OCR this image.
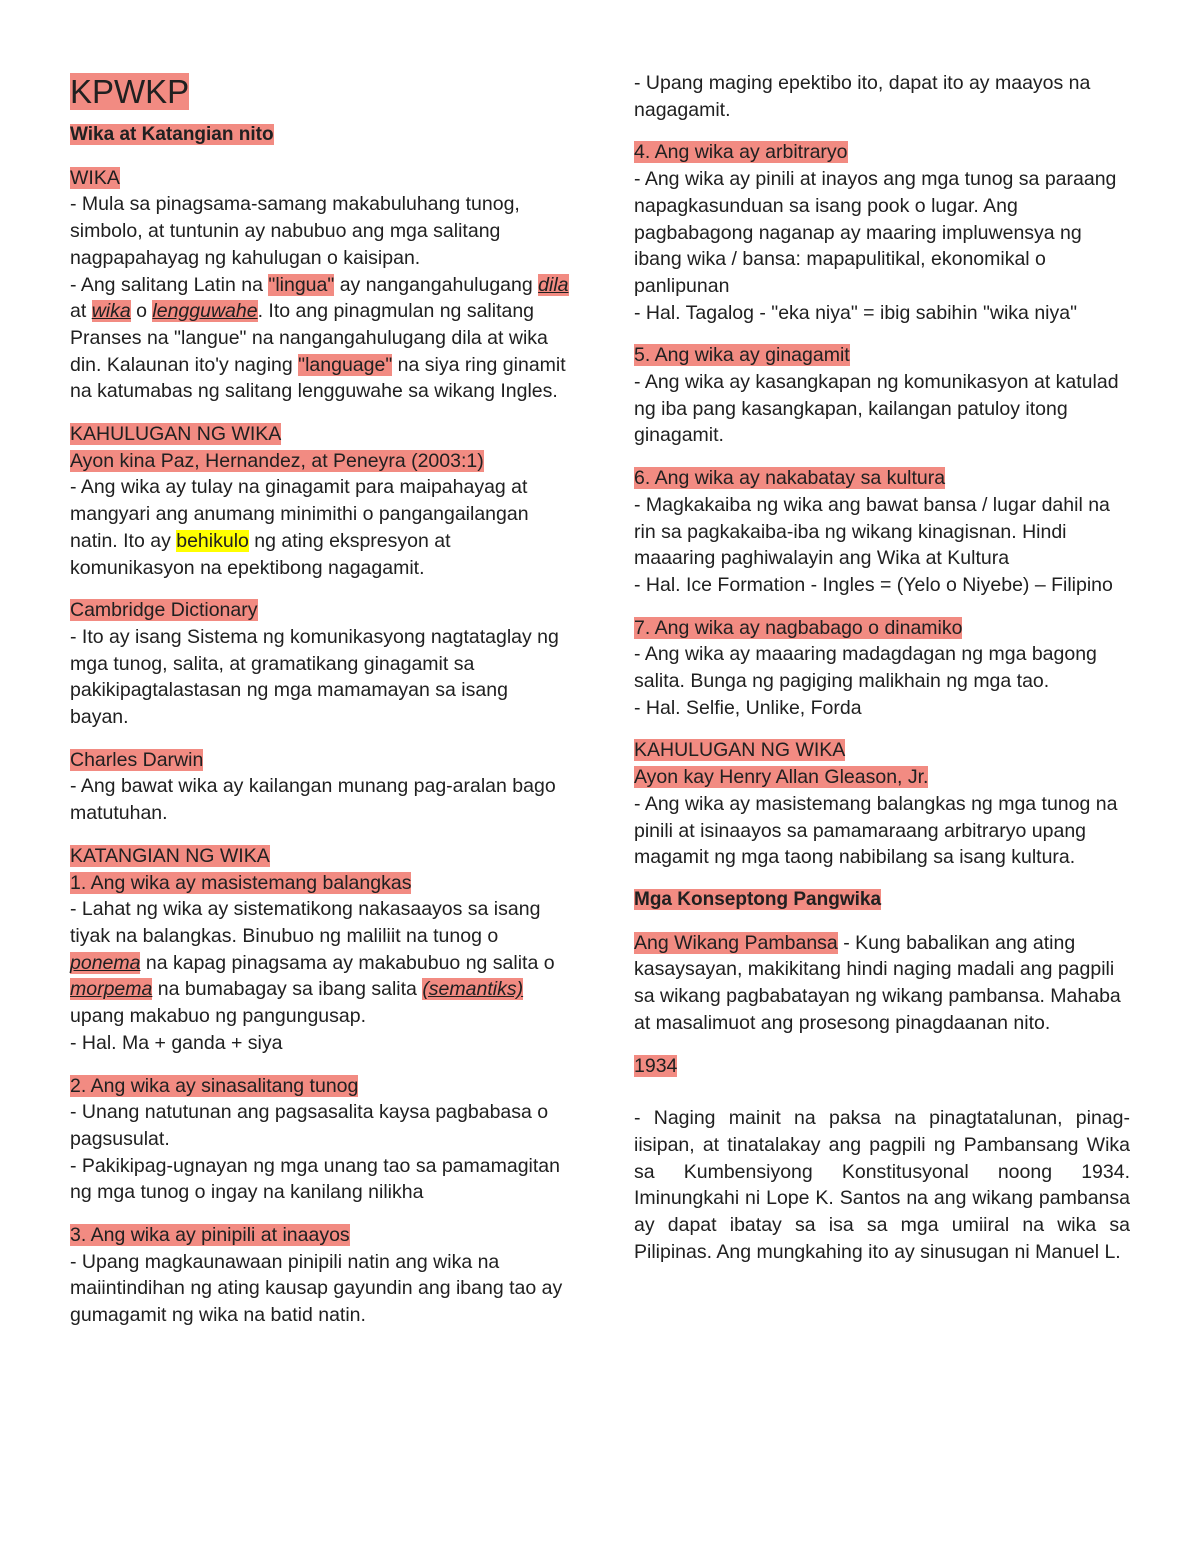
KPWKP

Wika at Katangian nito

WIKA

- Mula sa pinagsama-samang makabuluhang tunog, simbolo, at tuntunin ay nabubuo ang mga salitang nagpapahayag ng kahulugan o kaisipan.

- Ang salitang Latin na "lingua" ay nangangahulugang dila at wika o lengguwahe. Ito ang pinagmulan ng salitang Pranses na "langue" na nangangahulugang dila at wika din. Kalaunan ito'y naging "language" na siya ring ginamit na katumabas ng salitang lengguwahe sa wikang Ingles.

KAHULUGAN NG WIKA

Ayon kina Paz, Hernandez, at Peneyra (2003:1)

- Ang wika ay tulay na ginagamit para maipahayag at mangyari ang anumang minimithi o pangangailangan natin. Ito ay behikulo ng ating ekspresyon at komunikasyon na epektibong nagagamit.

Cambridge Dictionary

- Ito ay isang Sistema ng komunikasyong nagtataglay ng mga tunog, salita, at gramatikang ginagamit sa pakikipagtalastasan ng mga mamamayan sa isang bayan.

Charles Darwin

- Ang bawat wika ay kailangan munang pag-aralan bago matutuhan.

KATANGIAN NG WIKA

1. Ang wika ay masistemang balangkas

- Lahat ng wika ay sistematikong nakasaayos sa isang tiyak na balangkas. Binubuo ng maliliit na tunog o ponema na kapag pinagsama ay makabubuo ng salita o morpema na bumabagay sa ibang salita (semantiks) upang makabuo ng pangungusap.

- Hal. Ma + ganda + siya

2. Ang wika ay sinasalitang tunog

- Unang natutunan ang pagsasalita kaysa pagbabasa o pagsusulat.

- Pakikipag-ugnayan ng mga unang tao sa pamamagitan ng mga tunog o ingay na kanilang nilikha

3. Ang wika ay pinipili at inaayos

- Upang magkaunawaan pinipili natin ang wika na maiintindihan ng ating kausap gayundin ang ibang tao ay gumagamit ng wika na batid natin.

- Upang maging epektibo ito, dapat ito ay maayos na nagagamit.

4. Ang wika ay arbitraryo

- Ang wika ay pinili at inayos ang mga tunog sa paraang napagkasunduan sa isang pook o lugar. Ang pagbabagong naganap ay maaring impluwensya ng ibang wika / bansa: mapapulitikal, ekonomikal o panlipunan

- Hal. Tagalog - "eka niya" = ibig sabihin "wika niya"

5. Ang wika ay ginagamit

- Ang wika ay kasangkapan ng komunikasyon at katulad ng iba pang kasangkapan, kailangan patuloy itong ginagamit.

6. Ang wika ay nakabatay sa kultura

- Magkakaiba ng wika ang bawat bansa / lugar dahil na rin sa pagkakaiba-iba ng wikang kinagisnan. Hindi maaaring paghiwalayin ang Wika at Kultura

- Hal. Ice Formation - Ingles = (Yelo o Niyebe) – Filipino

7. Ang wika ay nagbabago o dinamiko

- Ang wika ay maaaring madagdagan ng mga bagong salita. Bunga ng pagiging malikhain ng mga tao.

- Hal. Selfie, Unlike, Forda

KAHULUGAN NG WIKA

Ayon kay Henry Allan Gleason, Jr.

- Ang wika ay masistemang balangkas ng mga tunog na pinili at isinaayos sa pamamaraang arbitraryo upang magamit ng mga taong nabibilang sa isang kultura.

Mga Konseptong Pangwika

Ang Wikang Pambansa - Kung babalikan ang ating kasaysayan, makikitang hindi naging madali ang pagpili sa wikang pagbabatayan ng wikang pambansa. Mahaba at masalimuot ang prosesong pinagdaanan nito.

1934

- Naging mainit na paksa na pinagtatalunan, pinag-iisipan, at tinatalakay ang pagpili ng Pambansang Wika sa Kumbensiyong Konstitusyonal noong 1934. Iminungkahi ni Lope K. Santos na ang wikang pambansa ay dapat ibatay sa isa sa mga umiiral na wika sa Pilipinas. Ang mungkahing ito ay sinusugan ni Manuel L.
